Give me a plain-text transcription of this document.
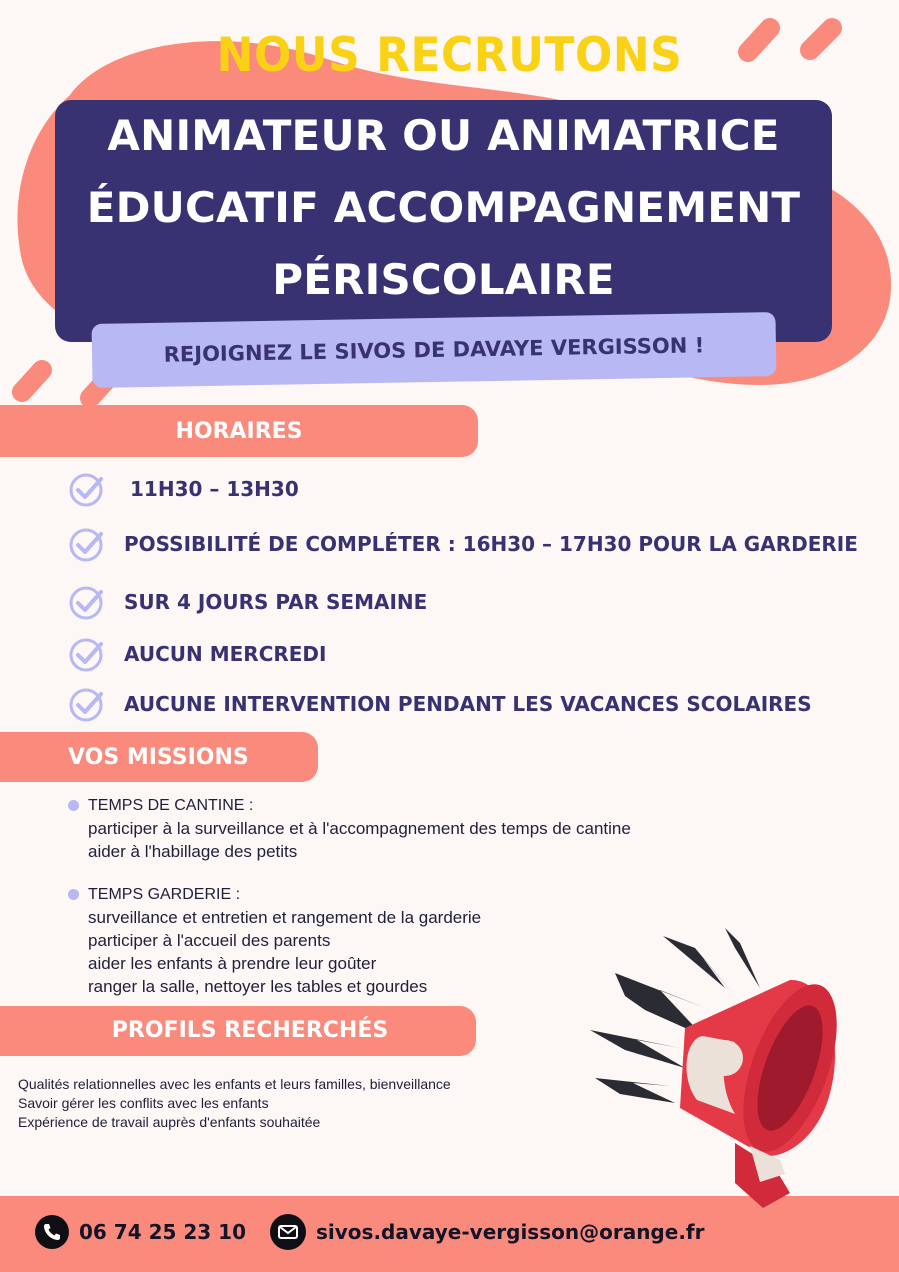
NOUS RECRUTONS
ANIMATEUR OU ANIMATRICE
ÉDUCATIF ACCOMPAGNEMENT
PÉRISCOLAIRE
REJOIGNEZ LE SIVOS DE DAVAYE VERGISSON !
HORAIRES
11H30 – 13H30
POSSIBILITÉ DE COMPLÉTER : 16H30 – 17H30 POUR LA GARDERIE
SUR 4 JOURS PAR SEMAINE
AUCUN MERCREDI
AUCUNE INTERVENTION PENDANT LES VACANCES SCOLAIRES
VOS MISSIONS
TEMPS DE CANTINE :
participer à la surveillance et à l'accompagnement des temps de cantine
aider à l'habillage des petits
TEMPS GARDERIE :
surveillance et entretien et rangement de la garderie
participer à l'accueil des parents
aider les enfants à prendre leur goûter
ranger la salle, nettoyer les tables et gourdes
PROFILS RECHERCHÉS
Qualités relationnelles avec les enfants et leurs familles, bienveillance
Savoir gérer les conflits avec les enfants
Expérience de travail auprès d'enfants souhaitée
06 74 25 23 10	sivos.davaye-vergisson@orange.fr
